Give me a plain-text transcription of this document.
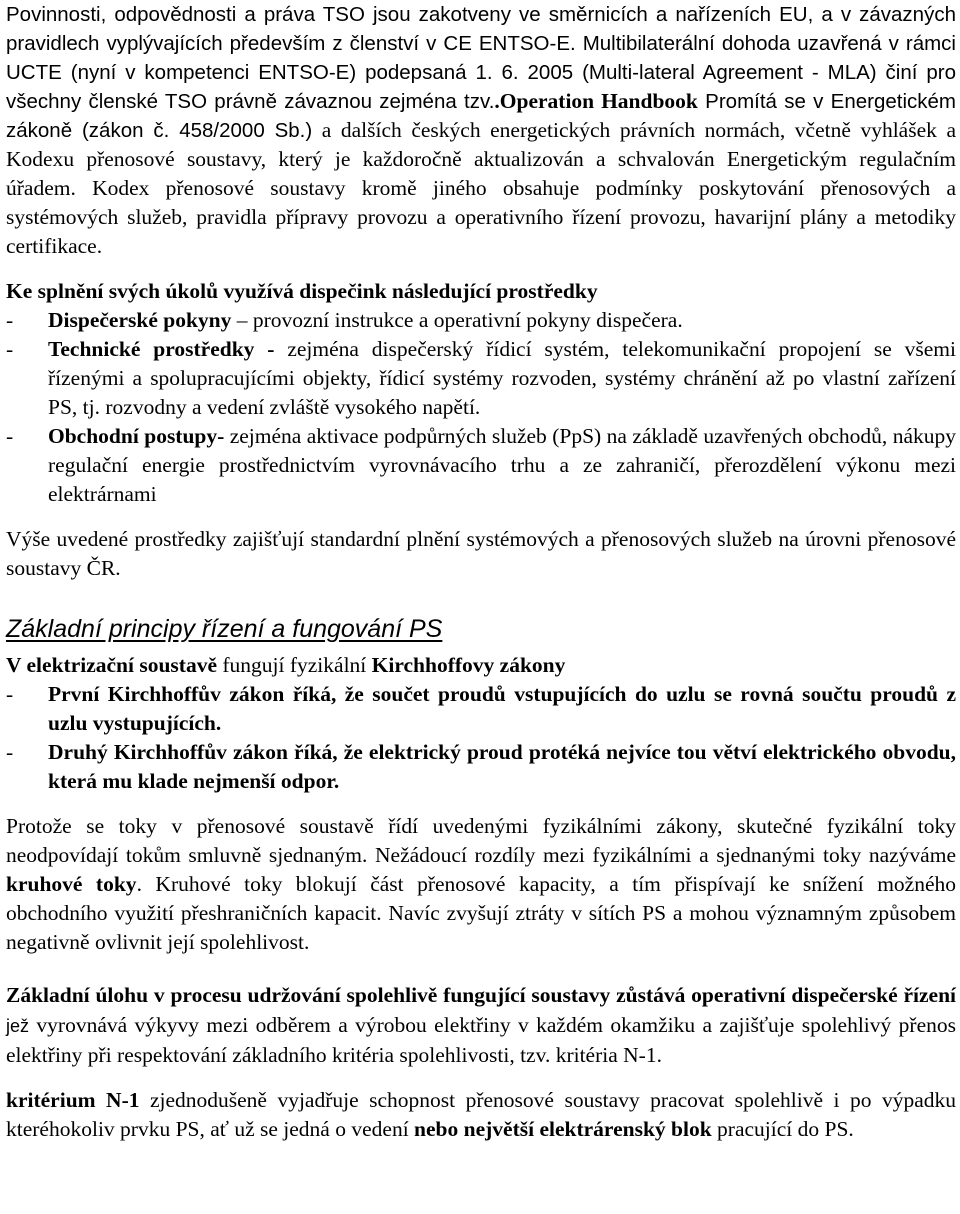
Povinnosti, odpovědnosti a práva TSO jsou zakotveny ve směrnicích a nařízeních EU, a v závazných pravidlech vyplývajících především z členství v CE ENTSO-E. Multibilaterální dohoda uzavřená v rámci UCTE (nyní v kompetenci ENTSO-E) podepsaná 1. 6. 2005 (Multi-lateral Agreement - MLA) činí pro všechny členské TSO právně závaznou zejména tzv..Operation Handbook Promítá se v Energetickém zákoně (zákon č. 458/2000 Sb.) a dalších českých energetických právních normách, včetně vyhlášek a Kodexu přenosové soustavy, který je každoročně aktualizován a schvalován Energetickým regulačním úřadem. Kodex přenosové soustavy kromě jiného obsahuje podmínky poskytování přenosových a systémových služeb, pravidla přípravy provozu a operativního řízení provozu, havarijní plány a metodiky certifikace.

Ke splnění svých úkolů využívá dispečink následující prostředky

- Dispečerské pokyny – provozní instrukce a operativní pokyny dispečera.
- Technické prostředky - zejména dispečerský řídicí systém, telekomunikační propojení se všemi řízenými a spolupracujícími objekty, řídicí systémy rozvoden, systémy chránění až po vlastní zařízení PS, tj. rozvodny a vedení zvláště vysokého napětí.
- Obchodní postupy- zejména aktivace podpůrných služeb (PpS) na základě uzavřených obchodů, nákupy regulační energie prostřednictvím vyrovnávacího trhu a ze zahraničí, přerozdělení výkonu mezi elektrárnami

Výše uvedené prostředky zajišťují standardní plnění systémových a přenosových služeb na úrovni přenosové soustavy ČR.

Základní principy řízení a fungování PS

V elektrizační soustavě fungují fyzikální Kirchhoffovy zákony

- První Kirchhoffův zákon říká, že součet proudů vstupujících do uzlu se rovná součtu proudů z uzlu vystupujících.
- Druhý Kirchhoffův zákon říká, že elektrický proud protéká nejvíce tou větví elektrického obvodu, která mu klade nejmenší odpor.

Protože se toky v přenosové soustavě řídí uvedenými fyzikálními zákony, skutečné fyzikální toky neodpovídají tokům smluvně sjednaným. Nežádoucí rozdíly mezi fyzikálními a sjednanými toky nazýváme kruhové toky. Kruhové toky blokují část přenosové kapacity, a tím přispívají ke snížení možného obchodního využití přeshraničních kapacit. Navíc zvyšují ztráty v sítích PS a mohou významným způsobem negativně ovlivnit její spolehlivost.

Základní úlohu v procesu udržování spolehlivě fungující soustavy zůstává operativní dispečerské řízení jež vyrovnává výkyvy mezi odběrem a výrobou elektřiny v každém okamžiku a zajišťuje spolehlivý přenos elektřiny při respektování základního kritéria spolehlivosti, tzv. kritéria N-1.

kritérium N-1 zjednodušeně vyjadřuje schopnost přenosové soustavy pracovat spolehlivě i po výpadku kteréhokoliv prvku PS, ať už se jedná o vedení nebo největší elektrárenský blok pracující do PS.
